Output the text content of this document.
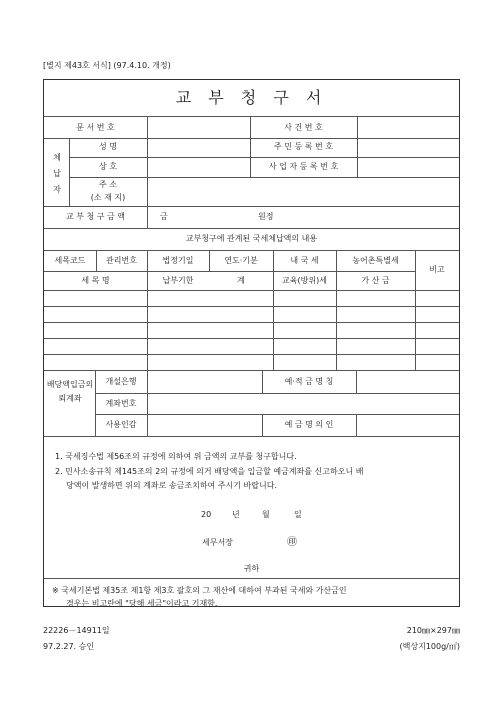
[별지 제43호 서식] (97.4.10. 개정)
교 부 청 구 서
문 서 번 호	사 건 번 호
체납자
성 명	주 민 등 록 번 호
상 호	사 업 자 등 록 번 호
주 소
(소 재 지)
교 부 청 구 금 액	금	원정
교부청구에 관계된 국세체납액의 내용
세목코드	관리번호	법정기일	연도·기분	내 국 세	농어촌특별세
세 목 명	납부기한	계	교육(방위)세	가 산 금
비고
배당액입금의뢰계좌
개설은행	예·적 금 명 칭
계좌번호
사용인감	예 금 명 의 인
1. 국세징수법 제56조의 규정에 의하여 위 금액의 교부를 청구합니다.
2. 민사소송규칙 제145조의 2의 규정에 의거 배당액을 입금할 예금계좌를 신고하오니 배
당액이 발생하면 위의 계좌로 송금조치하여 주시기 바랍니다.
20	년	월	일
세무서장	㊞
귀하
※ 국세기본법 제35조 제1항 제3호 괄호의 그 재산에 대하여 부과된 국세와 가산금인
경우는 비고란에 "당해 세금"이라고 기재함.
22226－14911일
97.2.27. 승인
210㎜×297㎜
(백상지100g/㎡)
